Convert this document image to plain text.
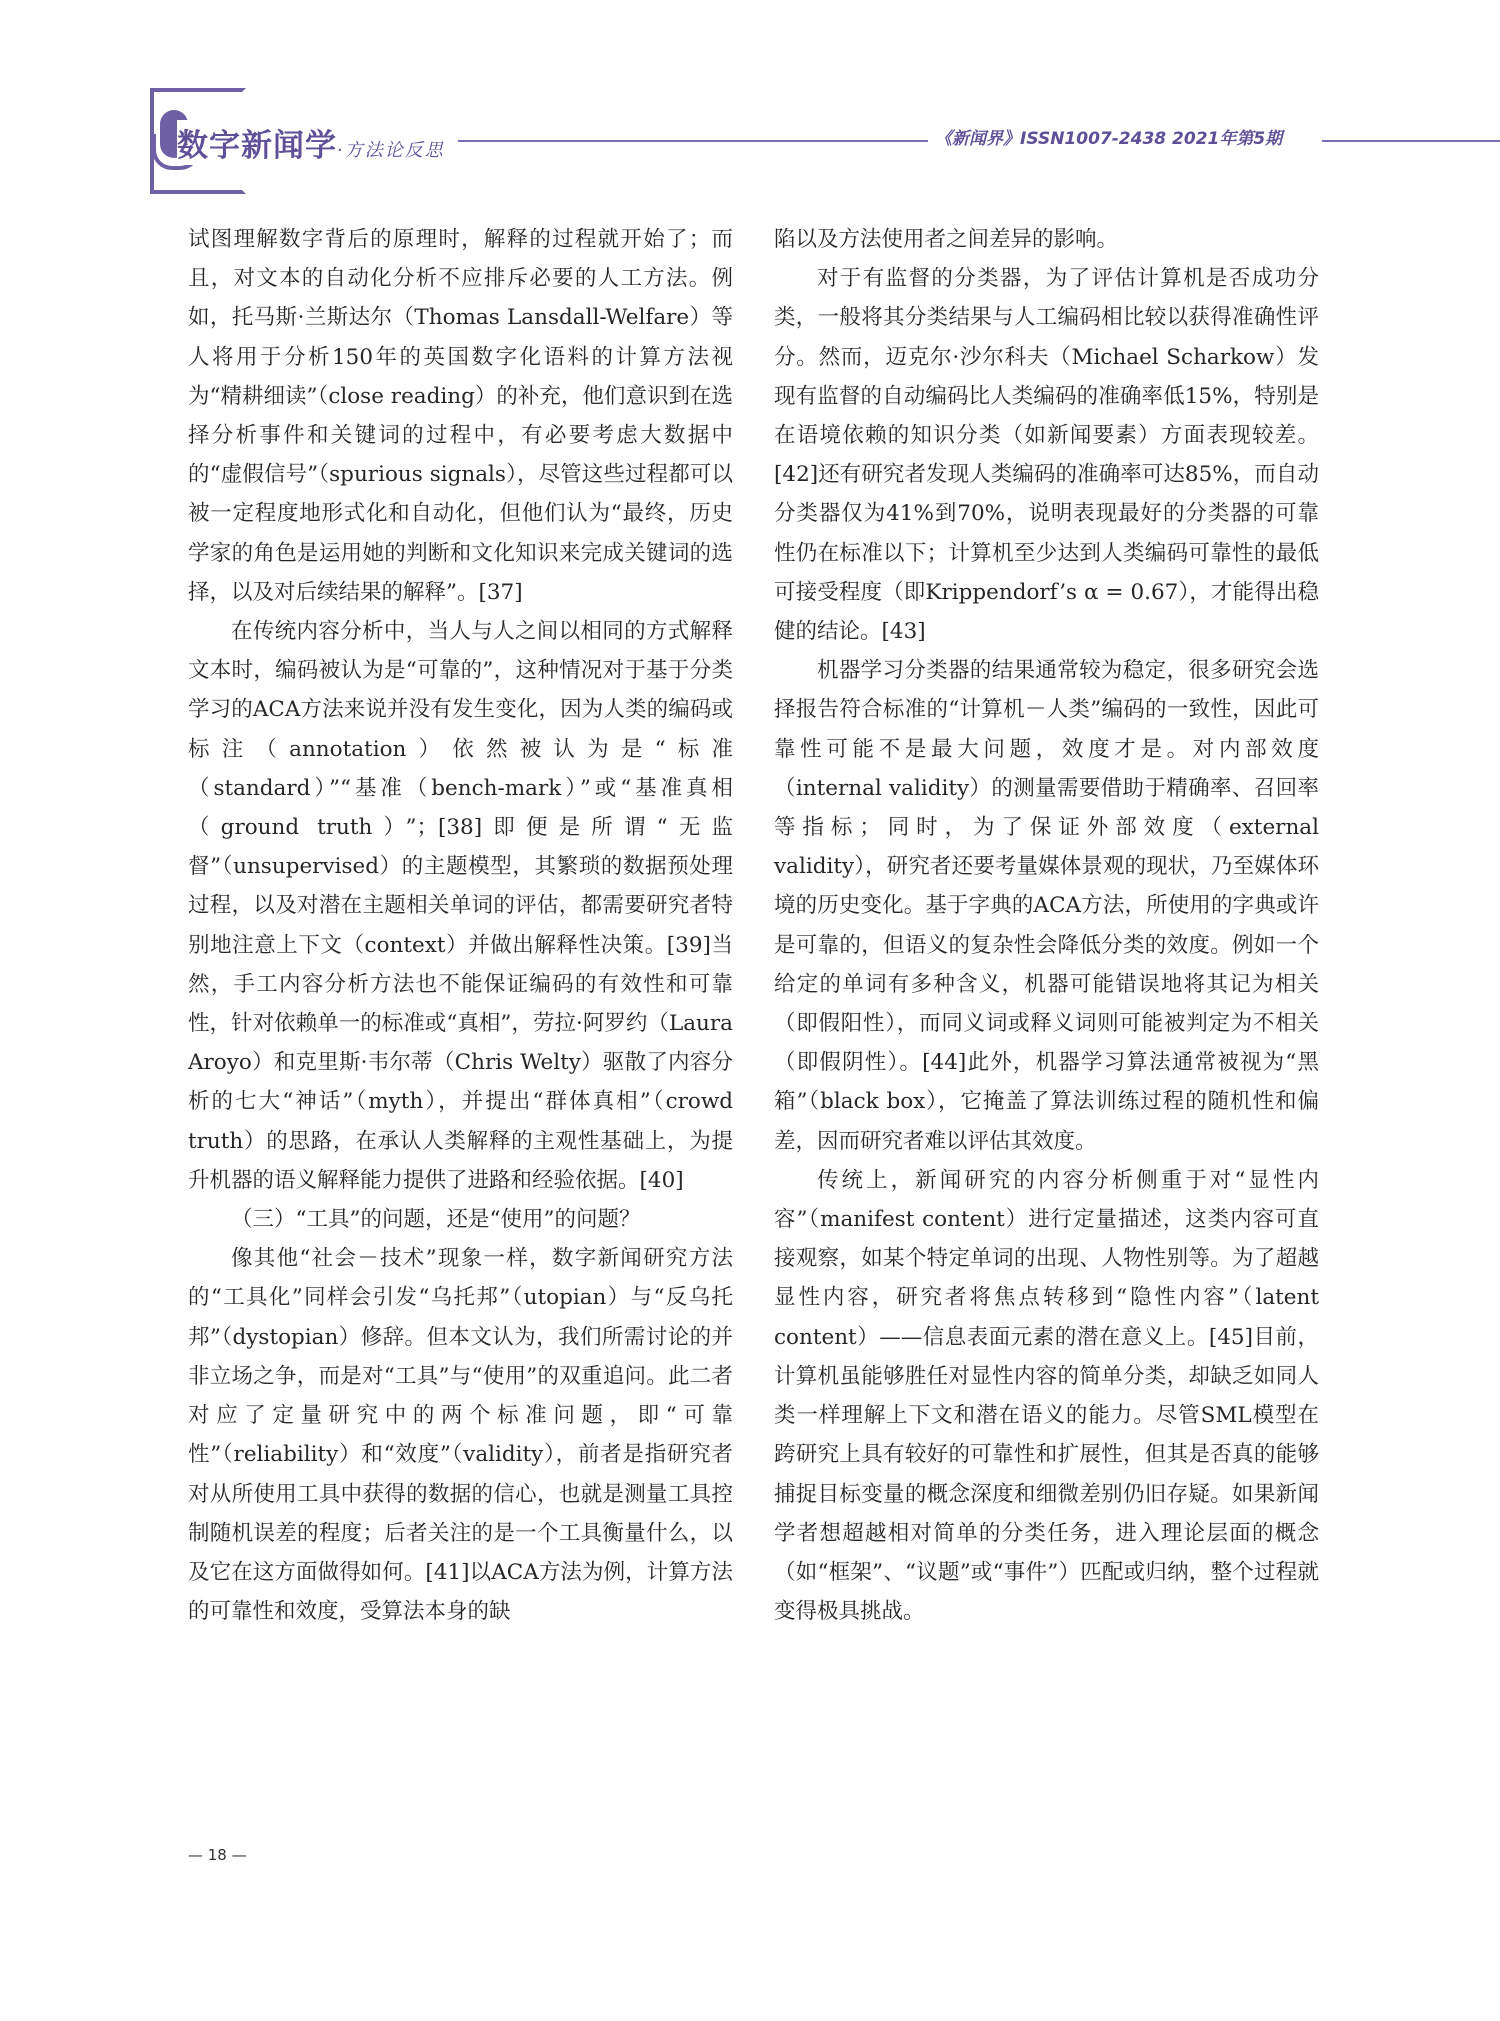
数字新闻学·方法论反思
《新闻界》ISSN1007-2438 2021年第5期

试图理解数字背后的原理时，解释的过程就开始了；而且，对文本的自动化分析不应排斥必要的人工方法。例如，托马斯·兰斯达尔（Thomas Lansdall-Welfare）等人将用于分析150年的英国数字化语料的计算方法视为“精耕细读”（close reading）的补充，他们意识到在选择分析事件和关键词的过程中，有必要考虑大数据中的“虚假信号”（spurious signals），尽管这些过程都可以被一定程度地形式化和自动化，但他们认为“最终，历史学家的角色是运用她的判断和文化知识来完成关键词的选择，以及对后续结果的解释”。[37]

在传统内容分析中，当人与人之间以相同的方式解释文本时，编码被认为是“可靠的”，这种情况对于基于分类学习的ACA方法来说并没有发生变化，因为人类的编码或标注（annotation）依然被认为是“标准（standard）”“基准（bench-mark）”或“基准真相（ground truth）”；[38]即便是所谓“无监督”（unsupervised）的主题模型，其繁琐的数据预处理过程，以及对潜在主题相关单词的评估，都需要研究者特别地注意上下文（context）并做出解释性决策。[39]当然，手工内容分析方法也不能保证编码的有效性和可靠性，针对依赖单一的标准或“真相”，劳拉·阿罗约（Laura Aroyo）和克里斯·韦尔蒂（Chris Welty）驱散了内容分析的七大“神话”（myth），并提出“群体真相”（crowd truth）的思路，在承认人类解释的主观性基础上，为提升机器的语义解释能力提供了进路和经验依据。[40]

（三）“工具”的问题，还是“使用”的问题？

像其他“社会－技术”现象一样，数字新闻研究方法的“工具化”同样会引发“乌托邦”（utopian）与“反乌托邦”（dystopian）修辞。但本文认为，我们所需讨论的并非立场之争，而是对“工具”与“使用”的双重追问。此二者对应了定量研究中的两个标准问题，即“可靠性”（reliability）和“效度”（validity），前者是指研究者对从所使用工具中获得的数据的信心，也就是测量工具控制随机误差的程度；后者关注的是一个工具衡量什么，以及它在这方面做得如何。[41]以ACA方法为例，计算方法的可靠性和效度，受算法本身的缺

陷以及方法使用者之间差异的影响。

对于有监督的分类器，为了评估计算机是否成功分类，一般将其分类结果与人工编码相比较以获得准确性评分。然而，迈克尔·沙尔科夫（Michael Scharkow）发现有监督的自动编码比人类编码的准确率低15%，特别是在语境依赖的知识分类（如新闻要素）方面表现较差。[42]还有研究者发现人类编码的准确率可达85%，而自动分类器仅为41%到70%，说明表现最好的分类器的可靠性仍在标准以下；计算机至少达到人类编码可靠性的最低可接受程度（即Krippendorf’s α = 0.67），才能得出稳健的结论。[43]

机器学习分类器的结果通常较为稳定，很多研究会选择报告符合标准的“计算机－人类”编码的一致性，因此可靠性可能不是最大问题，效度才是。对内部效度（internal validity）的测量需要借助于精确率、召回率等指标；同时，为了保证外部效度（external validity），研究者还要考量媒体景观的现状，乃至媒体环境的历史变化。基于字典的ACA方法，所使用的字典或许是可靠的，但语义的复杂性会降低分类的效度。例如一个给定的单词有多种含义，机器可能错误地将其记为相关（即假阳性），而同义词或释义词则可能被判定为不相关（即假阴性）。[44]此外，机器学习算法通常被视为“黑箱”（black box），它掩盖了算法训练过程的随机性和偏差，因而研究者难以评估其效度。

传统上，新闻研究的内容分析侧重于对“显性内容”（manifest content）进行定量描述，这类内容可直接观察，如某个特定单词的出现、人物性别等。为了超越显性内容，研究者将焦点转移到“隐性内容”（latent content）——信息表面元素的潜在意义上。[45]目前，计算机虽能够胜任对显性内容的简单分类，却缺乏如同人类一样理解上下文和潜在语义的能力。尽管SML模型在跨研究上具有较好的可靠性和扩展性，但其是否真的能够捕捉目标变量的概念深度和细微差别仍旧存疑。如果新闻学者想超越相对简单的分类任务，进入理论层面的概念（如“框架”、“议题”或“事件”）匹配或归纳，整个过程就变得极具挑战。

— 18 —
